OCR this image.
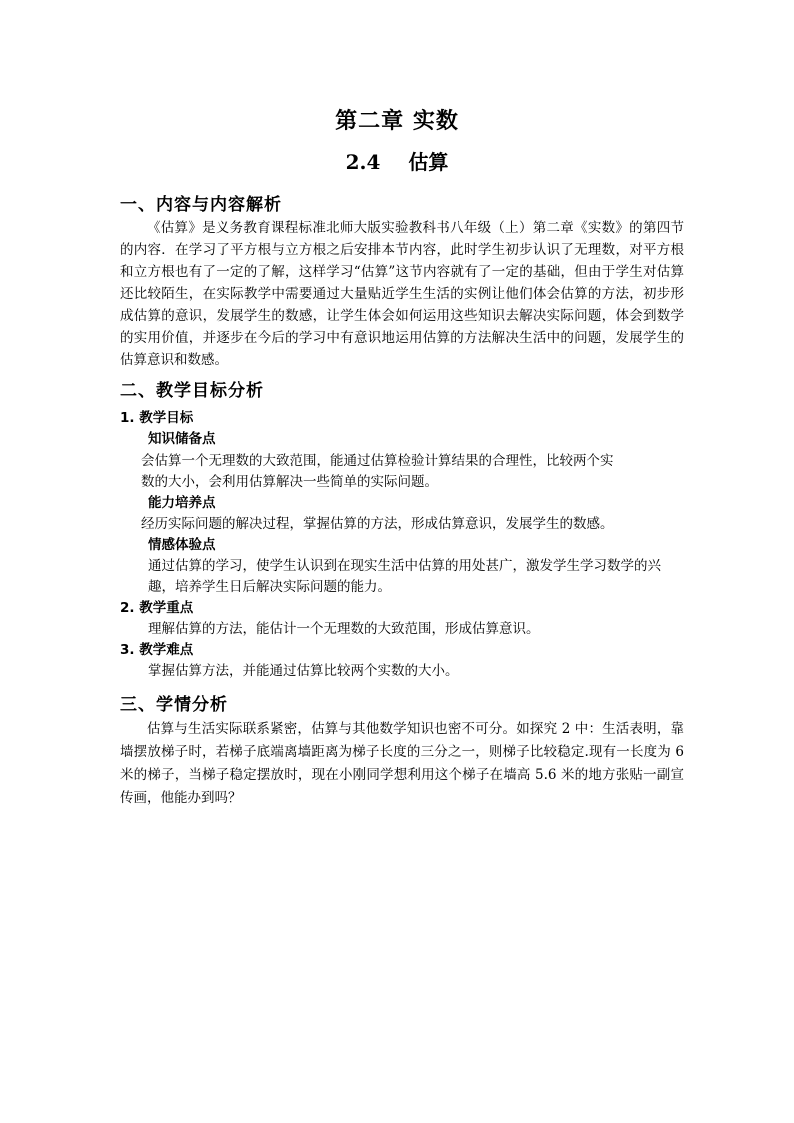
第二章 实数
2.4 估算
一、内容与内容解析
《估算》是义务教育课程标准北师大版实验教科书八年级（上）第二章《实数》的第四节的内容．在学习了平方根与立方根之后安排本节内容，此时学生初步认识了无理数，对平方根和立方根也有了一定的了解，这样学习“估算”这节内容就有了一定的基础，但由于学生对估算还比较陌生，在实际教学中需要通过大量贴近学生生活的实例让他们体会估算的方法，初步形成估算的意识，发展学生的数感，让学生体会如何运用这些知识去解决实际问题，体会到数学的实用价值，并逐步在今后的学习中有意识地运用估算的方法解决生活中的问题，发展学生的估算意识和数感。
二、教学目标分析
1. 教学目标
知识储备点
会估算一个无理数的大致范围，能通过估算检验计算结果的合理性，比较两个实
数的大小，会利用估算解决一些简单的实际问题。
能力培养点
经历实际问题的解决过程，掌握估算的方法，形成估算意识，发展学生的数感。
情感体验点
通过估算的学习，使学生认识到在现实生活中估算的用处甚广，激发学生学习数学的兴
趣，培养学生日后解决实际问题的能力。
2. 教学重点
理解估算的方法，能估计一个无理数的大致范围，形成估算意识。
3. 教学难点
掌握估算方法，并能通过估算比较两个实数的大小。
三、学情分析
估算与生活实际联系紧密，估算与其他数学知识也密不可分。如探究 2 中：生活表明，靠墙摆放梯子时，若梯子底端离墙距离为梯子长度的三分之一，则梯子比较稳定.现有一长度为 6 米的梯子，当梯子稳定摆放时，现在小刚同学想利用这个梯子在墙高 5.6 米的地方张贴一副宣传画，他能办到吗？
